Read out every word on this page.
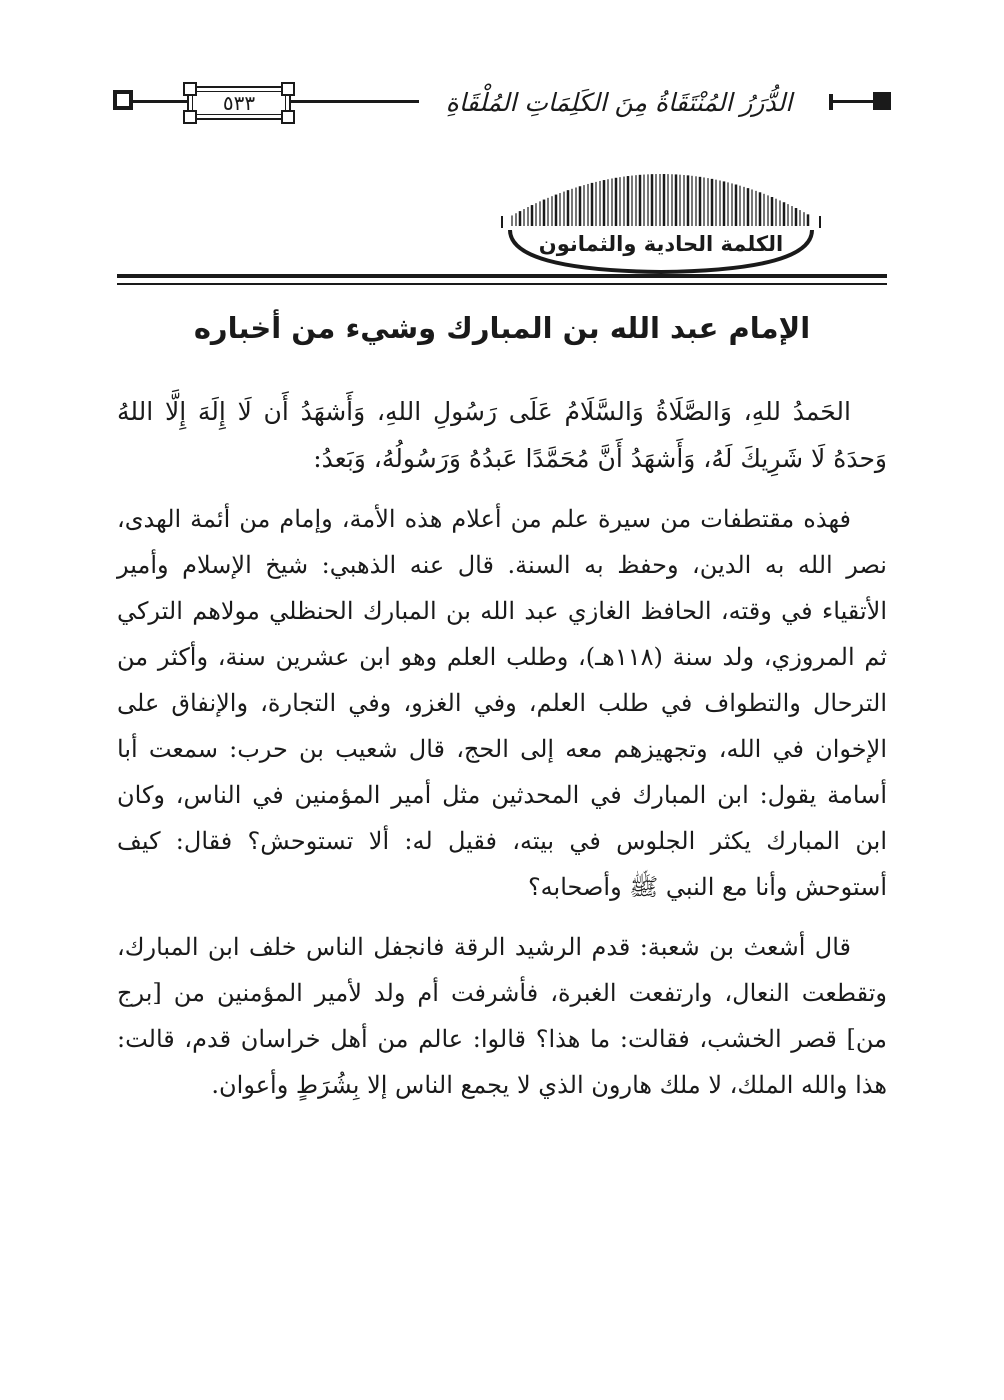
٥٣٣	الدُّرَرُ المُنْتَقَاةُ مِنَ الكَلِمَاتِ المُلْقَاةِ
الكلمة الحادية والثمانون
الإمام عبد الله بن المبارك وشيء من أخباره

الحَمدُ للهِ، وَالصَّلَاةُ وَالسَّلَامُ عَلَى رَسُولِ اللهِ، وَأَشهَدُ أَن لَا إِلَهَ إِلَّا اللهُ وَحدَهُ لَا شَرِيكَ لَهُ، وَأَشهَدُ أَنَّ مُحَمَّدًا عَبدُهُ وَرَسُولُهُ، وَبَعدُ:

فهذه مقتطفات من سيرة علم من أعلام هذه الأمة، وإمام من أئمة الهدى، نصر الله به الدين، وحفظ به السنة. قال عنه الذهبي: شيخ الإسلام وأمير الأتقياء في وقته، الحافظ الغازي عبد الله بن المبارك الحنظلي مولاهم التركي ثم المروزي، ولد سنة (١١٨هـ)، وطلب العلم وهو ابن عشرين سنة، وأكثر من الترحال والتطواف في طلب العلم، وفي الغزو، وفي التجارة، والإنفاق على الإخوان في الله، وتجهيزهم معه إلى الحج، قال شعيب بن حرب: سمعت أبا أسامة يقول: ابن المبارك في المحدثين مثل أمير المؤمنين في الناس، وكان ابن المبارك يكثر الجلوس في بيته، فقيل له: ألا تستوحش؟ فقال: كيف أستوحش وأنا مع النبي ﷺ وأصحابه؟

قال أشعث بن شعبة: قدم الرشيد الرقة فانجفل الناس خلف ابن المبارك، وتقطعت النعال، وارتفعت الغبرة، فأشرفت أم ولد لأمير المؤمنين من [برج من] قصر الخشب، فقالت: ما هذا؟ قالوا: عالم من أهل خراسان قدم، قالت: هذا والله الملك، لا ملك هارون الذي لا يجمع الناس إلا بِشُرَطٍ وأعوان.
